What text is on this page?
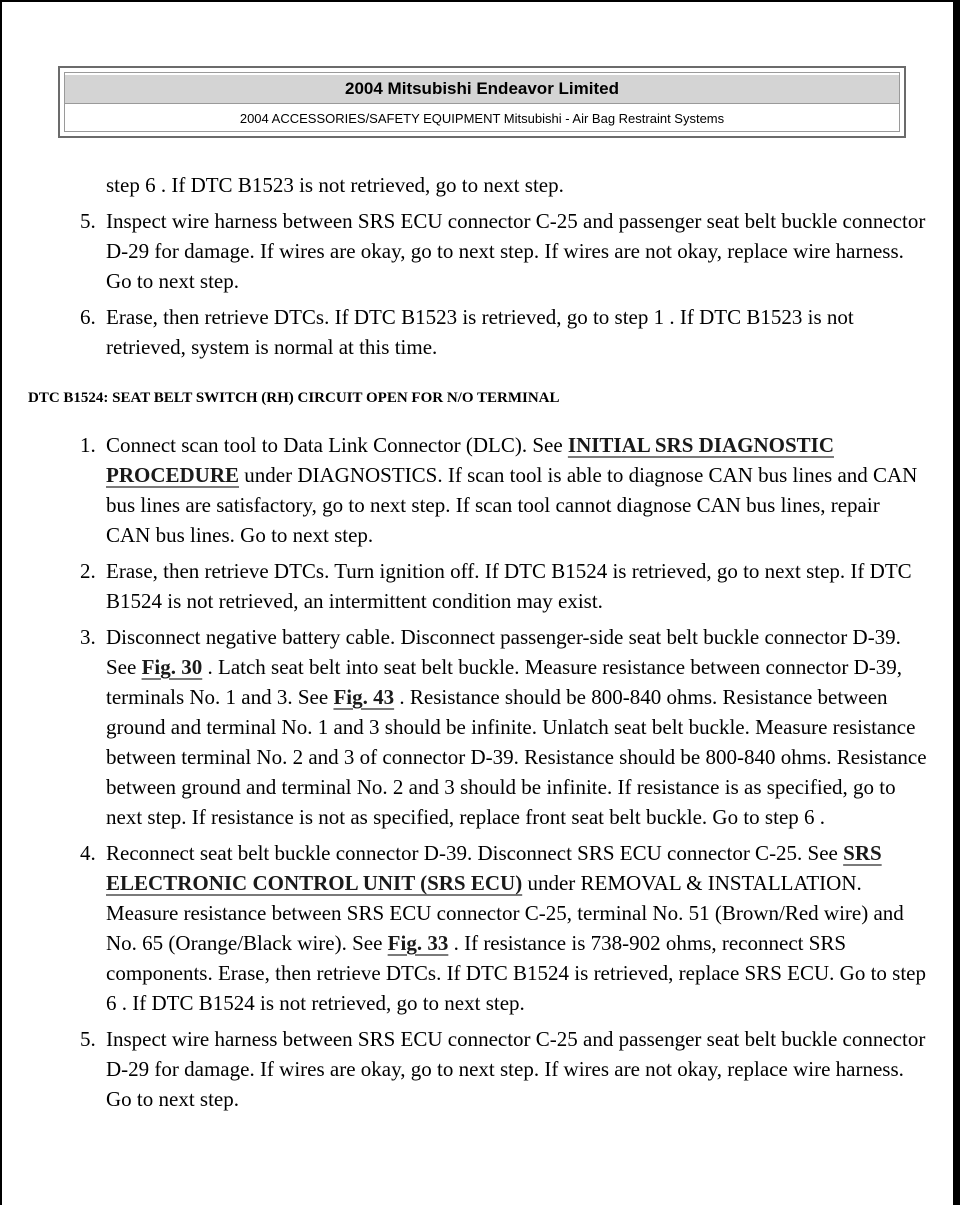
2004 Mitsubishi Endeavor Limited
2004 ACCESSORIES/SAFETY EQUIPMENT Mitsubishi - Air Bag Restraint Systems

step 6 . If DTC B1523 is not retrieved, go to next step.

5. Inspect wire harness between SRS ECU connector C-25 and passenger seat belt buckle connector D-29 for damage. If wires are okay, go to next step. If wires are not okay, replace wire harness. Go to next step.
6. Erase, then retrieve DTCs. If DTC B1523 is retrieved, go to step 1 . If DTC B1523 is not retrieved, system is normal at this time.
DTC B1524: SEAT BELT SWITCH (RH) CIRCUIT OPEN FOR N/O TERMINAL
1. Connect scan tool to Data Link Connector (DLC). See INITIAL SRS DIAGNOSTIC PROCEDURE under DIAGNOSTICS. If scan tool is able to diagnose CAN bus lines and CAN bus lines are satisfactory, go to next step. If scan tool cannot diagnose CAN bus lines, repair CAN bus lines. Go to next step.
2. Erase, then retrieve DTCs. Turn ignition off. If DTC B1524 is retrieved, go to next step. If DTC B1524 is not retrieved, an intermittent condition may exist.
3. Disconnect negative battery cable. Disconnect passenger-side seat belt buckle connector D-39. See Fig. 30 . Latch seat belt into seat belt buckle. Measure resistance between connector D-39, terminals No. 1 and 3. See Fig. 43 . Resistance should be 800-840 ohms. Resistance between ground and terminal No. 1 and 3 should be infinite. Unlatch seat belt buckle. Measure resistance between terminal No. 2 and 3 of connector D-39. Resistance should be 800-840 ohms. Resistance between ground and terminal No. 2 and 3 should be infinite. If resistance is as specified, go to next step. If resistance is not as specified, replace front seat belt buckle. Go to step 6 .
4. Reconnect seat belt buckle connector D-39. Disconnect SRS ECU connector C-25. See SRS ELECTRONIC CONTROL UNIT (SRS ECU) under REMOVAL & INSTALLATION. Measure resistance between SRS ECU connector C-25, terminal No. 51 (Brown/Red wire) and No. 65 (Orange/Black wire). See Fig. 33 . If resistance is 738-902 ohms, reconnect SRS components. Erase, then retrieve DTCs. If DTC B1524 is retrieved, replace SRS ECU. Go to step 6 . If DTC B1524 is not retrieved, go to next step.
5. Inspect wire harness between SRS ECU connector C-25 and passenger seat belt buckle connector D-29 for damage. If wires are okay, go to next step. If wires are not okay, replace wire harness. Go to next step.
